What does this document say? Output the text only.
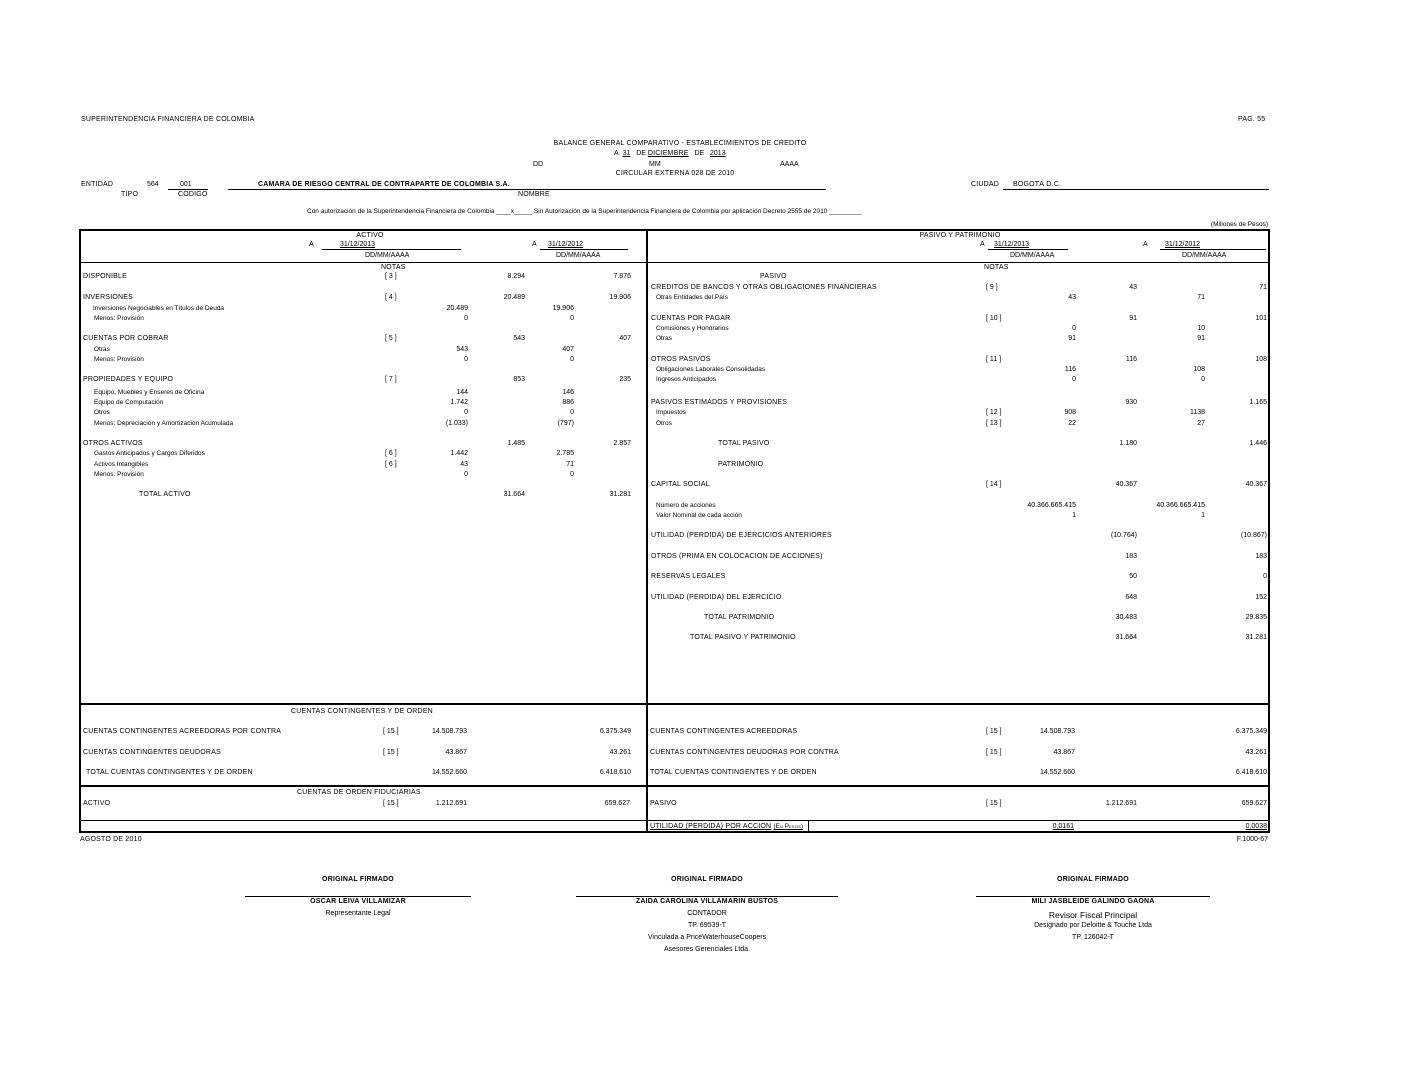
SUPERINTENDENCIA FINANCIERA DE COLOMBIA	PAG. 55
BALANCE GENERAL COMPARATIVO - ESTABLECIMIENTOS DE CREDITO
A 31 DE DICIEMBRE DE 2013
DD	MM	AAAA
CIRCULAR EXTERNA 028 DE 2010
ENTIDAD	564	001	CAMARA DE RIESGO CENTRAL DE CONTRAPARTE DE COLOMBIA S.A.
TIPO	CODIGO	NOMBRE
CIUDAD BOGOTÁ D.C.
Con autorización de la Superintendencia Financiera de Colombia ____x_____ Sin Autorización de la Superintendencia Financiera de Colombia por aplicación Decreto 2555 de 2010 _________
(Millones de Pesos)
ACTIVO
A	31/12/2013	A 31/12/2012
DD/MM/AAAA	DD/MM/AAAA
NOTAS
PASIVO Y PATRIMONIO
A 31/12/2013	A 31/12/2012
DD/MM/AAAA	DD/MM/AAAA
NOTAS
PASIVO
DISPONIBLE	[ 3 ]	8.294	7.876
INVERSIONES	[ 4 ]	20.489	19.906
Inversiones Negociables en Títulos de Deuda	20.489	19.906
Menos: Provisión	0	0
CUENTAS POR COBRAR	[ 5 ]	543	407
Otras	543	407
Menos: Provisión	0	0
PROPIEDADES Y EQUIPO	[ 7 ]	853	235
Equipo, Muebles y Enseres de Oficina	144	146
Equipo de Computación	1.742	886
Otros	0	0
Menos: Depreciación y Amortización Acumulada	(1.033)	(797)
OTROS ACTIVOS	1.485	2.857
Gastos Anticipados y Cargos Diferidos	[ 6 ]	1.442	2.785
Activos Intangibles	[ 6 ]	43	71
Menos: Provisión	0	0
TOTAL ACTIVO	31.664	31.281
CREDITOS DE BANCOS Y OTRAS OBLIGACIONES FINANCIERAS	[ 9 ]	43	71
Otras Entidades del País	43	71
CUENTAS POR PAGAR	[ 10 ]	91	101
Comisiones y Honorarios	0	10
Otras	91	91
OTROS PASIVOS	[ 11 ]	116	108
Obligaciones Laborales Consolidadas	116	108
Ingresos Anticipados	0	0
PASIVOS ESTIMADOS Y PROVISIONES	930	1.165
Impuestos	[ 12 ]	908	1138
Otros	[ 13 ]	22	27
TOTAL PASIVO	1.180	1.446
PATRIMONIO
CAPITAL SOCIAL	[ 14 ]	40.367	40.367
Número de acciones	40.366.665.415	40.366.665.415
Valor Nominal de cada acción	1	1
UTILIDAD (PERDIDA) DE EJERCICIOS ANTERIORES	(10.764)	(10.867)
OTROS (PRIMA EN COLOCACION DE ACCIONES)	183	183
RESERVAS LEGALES	50	0
UTILIDAD (PERDIDA) DEL EJERCICIO	648	152
TOTAL PATRIMONIO	30.483	29.835
TOTAL PASIVO Y PATRIMONIO	31.664	31.281
CUENTAS CONTINGENTES Y DE ORDEN
CUENTAS CONTINGENTES ACREEDORAS POR CONTRA	[ 15 ]	14.508.793	6.375.349
CUENTAS CONTINGENTES DEUDORAS	[ 15 ]	43.867	43.261
TOTAL CUENTAS CONTINGENTES Y DE ORDEN	14.552.660	6.418.610
CUENTAS CONTINGENTES ACREEDORAS	[ 15 ]	14.508.793	6.375.349
CUENTAS CONTINGENTES DEUDORAS POR CONTRA	[ 15 ]	43.867	43.261
TOTAL CUENTAS CONTINGENTES Y DE ORDEN	14.552.660	6.418.610
CUENTAS DE ORDEN FIDUCIARIAS
ACTIVO	[ 15 ]	1.212.691	659.627	PASIVO	[ 15 ]	1.212.691	659.627
UTILIDAD (PERDIDA) POR ACCION (En Pesos)	0,0161	0,0038
AGOSTO DE 2010	F.1000-67
ORIGINAL FIRMADO
OSCAR LEIVA VILLAMIZAR
Representante Legal
ORIGINAL FIRMADO
ZAIDA CAROLINA VILLAMARIN BUSTOS
CONTADOR
TP. 69539-T
Vinculada a PriceWaterhouseCoopers
Asesores Gerenciales Ltda.
ORIGINAL FIRMADO
MILI JASBLEIDE GALINDO GAONA
Revisor Fiscal Principal
Designado por Deloitte & Touche Ltda
TP. 126042-T
